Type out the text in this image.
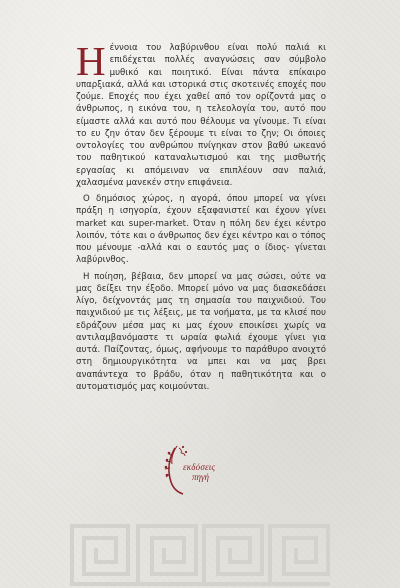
Ηέννοια του λαβύρινθου είναι πολύ παλιά κι επιδέχεται πολλές αναγνώσεις σαν σύμβολο μυθικό και ποιητικό. Είναι πάντα επίκαιρο υπαρξιακά, αλλά και ιστορικά στις σκοτεινές εποχές που ζούμε. Εποχές που έχει χαθεί από τον ορίζοντά μας ο άνθρωπος, η εικόνα του, η τελεολογία του, αυτό που είμαστε αλλά και αυτό που θέλουμε να γίνουμε. Τι είναι το ευ ζην όταν δεν ξέρουμε τι είναι το ζην; Οι όποιες οντολογίες του ανθρώπου πνίγηκαν στον βαθύ ωκεανό του παθητικού καταναλωτισμού και της μισθωτής εργασίας κι απόμειναν να επιπλέουν σαν παλιά, χαλασμένα μανεκέν στην επιφάνεια.

Ο δημόσιος χώρος, η αγορά, όπου μπορεί να γίνει πράξη η ισηγορία, έχουν εξαφανιστεί και έχουν γίνει market και super-market. Όταν η πόλη δεν έχει κέντρο λοιπόν, τότε και ο άνθρωπος δεν έχει κέντρο και ο τόπος που μένουμε -αλλά και ο εαυτός μας ο ίδιος- γίνεται λαβύρινθος.

Η ποίηση, βέβαια, δεν μπορεί να μας σώσει, ούτε να μας δείξει την έξοδο. Μπορεί μόνο να μας διασκεδάσει λίγο, δείχνοντάς μας τη σημασία του παιχνιδιού. Του παιχνιδιού με τις λέξεις, με τα νοήματα, με τα κλισέ που εδράζουν μέσα μας κι μας έχουν εποικίσει χωρίς να αντιλαμβανόμαστε τι ωραία φωλιά έχουμε γίνει για αυτά. Παίζοντας, όμως, αφήνουμε το παράθυρο ανοιχτό στη δημιουργικότητα να μπει και να μας βρει αναπάντεχα το βράδυ, όταν η παθητικότητα και ο αυτοματισμός μας κοιμούνται.

εκδόσεις
πηγή
